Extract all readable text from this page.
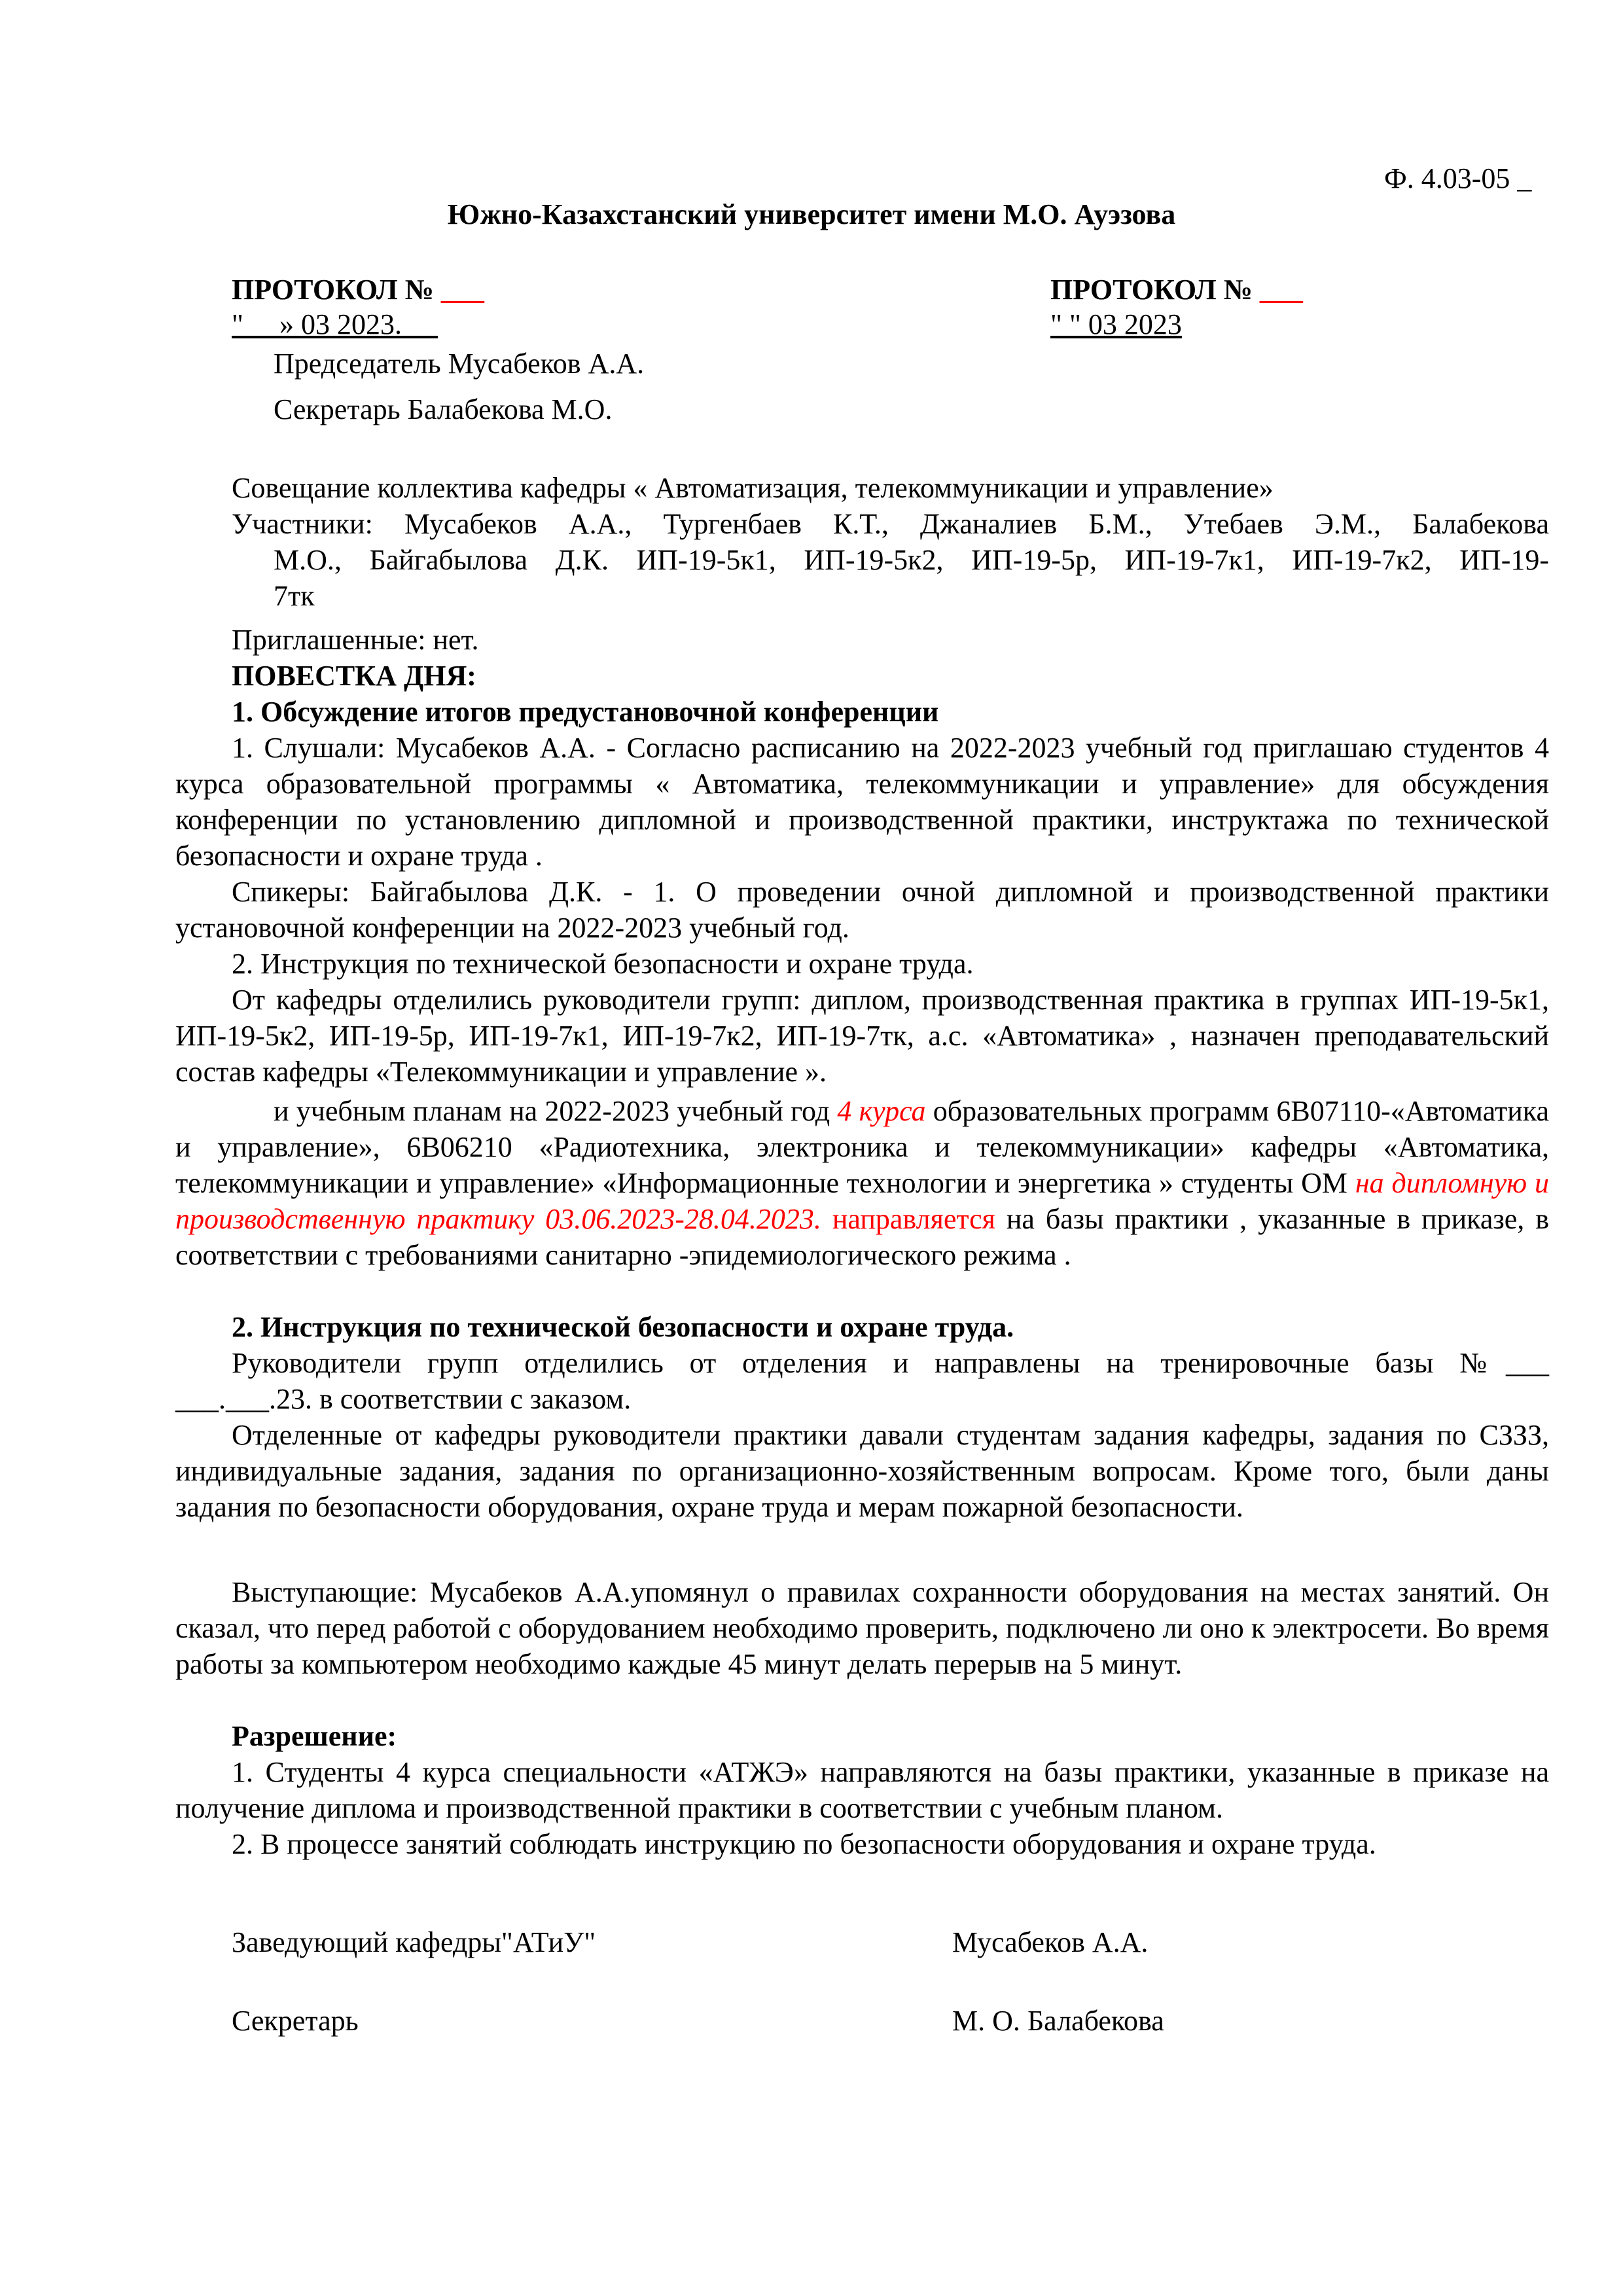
Ф. 4.03-05 _
Южно-Казахстанский университет имени М.О. Ауэзова
ПРОТОКОЛ № ___
"     » 03 2023.
ПРОТОКОЛ № ___
" " 03 2023
Председатель Мусабеков А.А.
Секретарь Балабекова М.О.
Совещание коллектива кафедры « Автоматизация, телекоммуникации и управление»
Участники: Мусабеков А.А., Тургенбаев К.Т., Джаналиев Б.М., Утебаев Э.М., Балабекова
М.О., Байгабылова Д.К. ИП-19-5к1, ИП-19-5к2, ИП-19-5р, ИП-19-7к1, ИП-19-7к2, ИП-19-
7тк
Приглашенные: нет.
ПОВЕСТКА ДНЯ:
1. Обсуждение итогов предустановочной конференции
1. Слушали: Мусабеков А.А. - Согласно расписанию на 2022-2023 учебный год приглашаю студентов 4 курса образовательной программы « Автоматика, телекоммуникации и управление» для обсуждения конференции по установлению дипломной и производственной практики, инструктажа по технической безопасности и охране труда .
Спикеры: Байгабылова Д.К. - 1. О проведении очной дипломной и производственной практики установочной конференции на 2022-2023 учебный год.
2. Инструкция по технической безопасности и охране труда.
От кафедры отделились руководители групп: диплом, производственная практика в группах ИП-19-5к1, ИП-19-5к2, ИП-19-5р, ИП-19-7к1, ИП-19-7к2, ИП-19-7тк, а.с. «Автоматика» , назначен преподавательский состав кафедры «Телекоммуникации и управление ».
и учебным планам на 2022-2023 учебный год 4 курса образовательных программ 6В07110-«Автоматика и управление», 6В06210 «Радиотехника, электроника и телекоммуникации» кафедры «Автоматика, телекоммуникации и управление» «Информационные технологии и энергетика » студенты ОМ на дипломную и производственную практику 03.06.2023-28.04.2023. направляется на базы практики , указанные в приказе, в соответствии с требованиями санитарно -эпидемиологического режима .
2. Инструкция по технической безопасности и охране труда.
Руководители групп отделились от отделения и направлены на тренировочные базы №___
___.___.23. в соответствии с заказом.
Отделенные от кафедры руководители практики давали студентам задания кафедры, задания по СЗЗЗ, индивидуальные задания, задания по организационно-хозяйственным вопросам. Кроме того, были даны задания по безопасности оборудования, охране труда и мерам пожарной безопасности.
Выступающие: Мусабеков А.А.упомянул о правилах сохранности оборудования на местах занятий. Он сказал, что перед работой с оборудованием необходимо проверить, подключено ли оно к электросети. Во время работы за компьютером необходимо каждые 45 минут делать перерыв на 5 минут.
Разрешение:
1. Студенты 4 курса специальности «АТЖЭ» направляются на базы практики, указанные в приказе на получение диплома и производственной практики в соответствии с учебным планом.
2. В процессе занятий соблюдать инструкцию по безопасности оборудования и охране труда.
Заведующий кафедры"АТиУ"	Мусабеков А.А.
Секретарь	М. О. Балабекова
